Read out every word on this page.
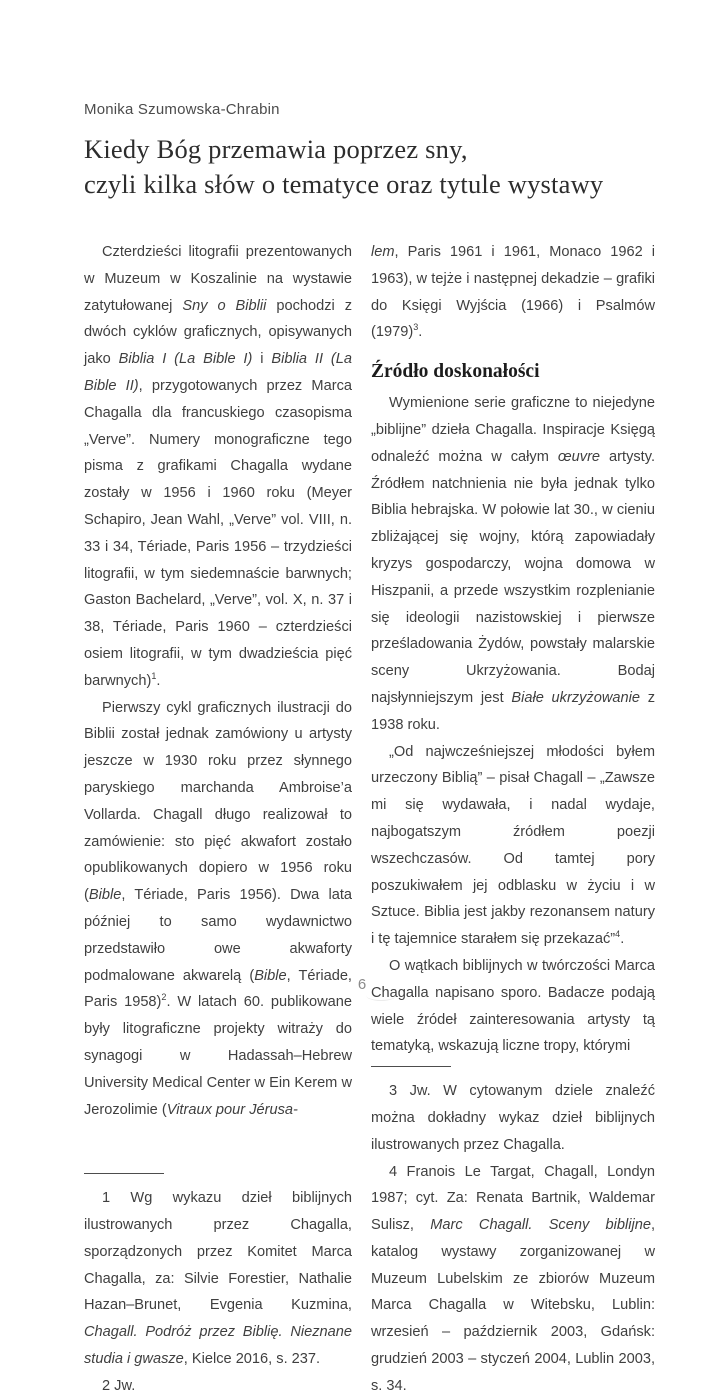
Monika Szumowska-Chrabin
Kiedy Bóg przemawia poprzez sny,
czyli kilka słów o tematyce oraz tytule wystawy

Czterdzieści litografii prezentowanych w Muzeum w Koszalinie na wystawie zatytułowanej Sny o Biblii pochodzi z dwóch cyklów graficznych, opisywanych jako Biblia I (La Bible I) i Biblia II (La Bible II), przygotowanych przez Marca Chagalla dla francuskiego czasopisma „Verve”. Numery monograficzne tego pisma z grafikami Chagalla wydane zostały w 1956 i 1960 roku (Meyer Schapiro, Jean Wahl, „Verve” vol. VIII, n. 33 i 34, Tériade, Paris 1956 – trzydzieści litografii, w tym siedemnaście barwnych; Gaston Bachelard, „Verve”, vol. X, n. 37 i 38, Tériade, Paris 1960 – czterdzieści osiem litografii, w tym dwadzieścia pięć barwnych)$^1$.

Pierwszy cykl graficznych ilustracji do Biblii został jednak zamówiony u artysty jeszcze w 1930 roku przez słynnego paryskiego marchanda Ambroise’a Vollarda. Chagall długo realizował to zamówienie: sto pięć akwafort zostało opublikowanych dopiero w 1956 roku (Bible, Tériade, Paris 1956). Dwa lata później to samo wydawnictwo przedstawiło owe akwaforty podmalowane akwarelą (Bible, Tériade, Paris 1958)$^2$. W latach 60. publikowane były litograficzne projekty witraży do synagogi w Hadassah–Hebrew University Medical Center w Ein Kerem w Jerozolimie (Vitraux pour Jérusa-

1 Wg wykazu dzieł biblijnych ilustrowanych przez Chagalla, sporządzonych przez Komitet Marca Chagalla, za: Silvie Forestier, Nathalie Hazan–Brunet, Evgenia Kuzmina, Chagall. Podróż przez Biblię. Nieznane studia i gwasze, Kielce 2016, s. 237.

2 Jw.

lem, Paris 1961 i 1961, Monaco 1962 i 1963), w tejże i następnej dekadzie – grafiki do Księgi Wyjścia (1966) i Psalmów $(1979)^3$.

Źródło doskonałości

Wymienione serie graficzne to niejedyne „biblijne” dzieła Chagalla. Inspiracje Księgą odnaleźć można w całym œuvre artysty. Źródłem natchnienia nie była jednak tylko Biblia hebrajska. W połowie lat 30., w cieniu zbliżającej się wojny, którą zapowiadały kryzys gospodarczy, wojna domowa w Hiszpanii, a przede wszystkim rozplenianie się ideologii nazistowskiej i pierwsze prześladowania Żydów, powstały malarskie sceny Ukrzyżowania. Bodaj najsłynniejszym jest Białe ukrzyżowanie z 1938 roku.

„Od najwcześniejszej młodości byłem urzeczony Biblią” – pisał Chagall – „Zawsze mi się wydawała, i nadal wydaje, najbogatszym źródłem poezji wszechczasów. Od tamtej pory poszukiwałem jej odblasku w życiu i w Sztuce. Biblia jest jakby rezonansem natury i tę tajemnice starałem się przekazać”$^4$.

O wątkach biblijnych w twórczości Marca Chagalla napisano sporo. Badacze podają wiele źródeł zainteresowania artysty tą tematyką, wskazują liczne tropy, którymi

3 Jw. W cytowanym dziele znaleźć można dokładny wykaz dzieł biblijnych ilustrowanych przez Chagalla.

4 Franois Le Targat, Chagall, Londyn 1987; cyt. Za: Renata Bartnik, Waldemar Sulisz, Marc Chagall. Sceny biblijne, katalog wystawy zorganizowanej w Muzeum Lubelskim ze zbiorów Muzeum Marca Chagalla w Witebsku, Lublin: wrzesień – październik 2003, Gdańsk: grudzień 2003 – styczeń 2004, Lublin 2003, s. 34.

6
